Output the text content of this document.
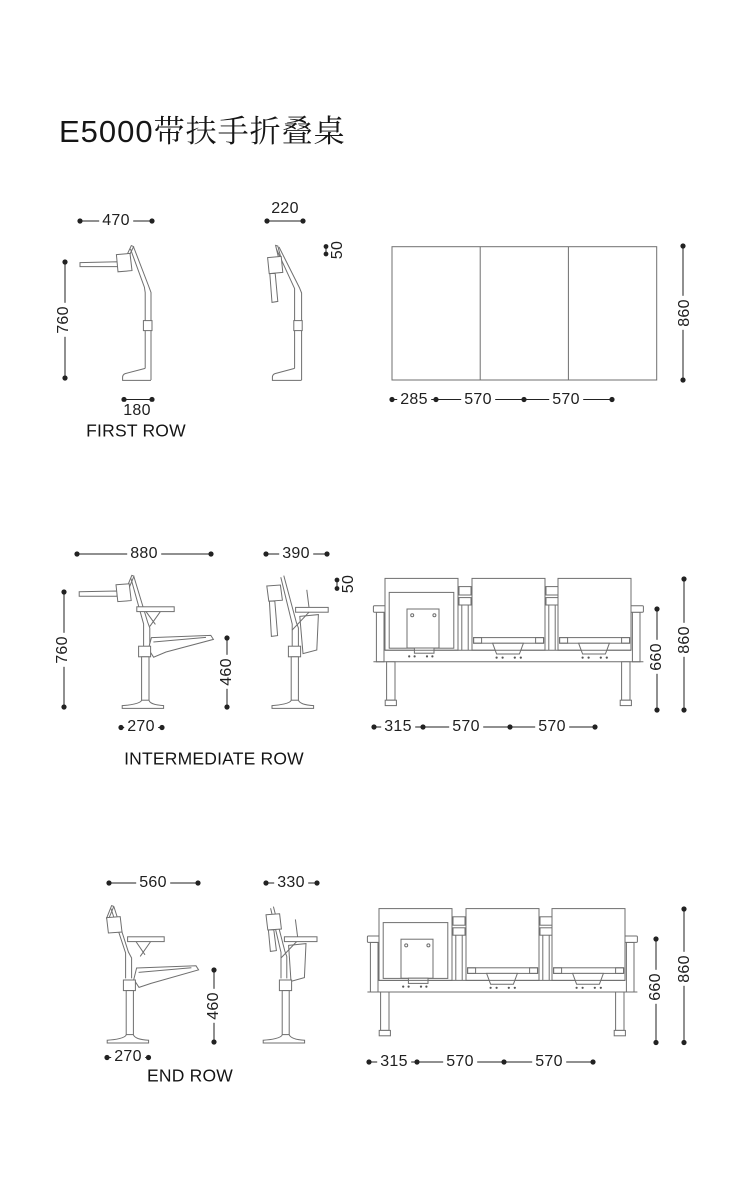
E5000带扶手折叠桌
470
220
50
760
180
860
285 570	570
FIRST ROW
880	390
50
760
460
270
660
860
315	570	570
INTERMEDIATE ROW
560	330
460
270
660
860
315 570	570
END ROW
